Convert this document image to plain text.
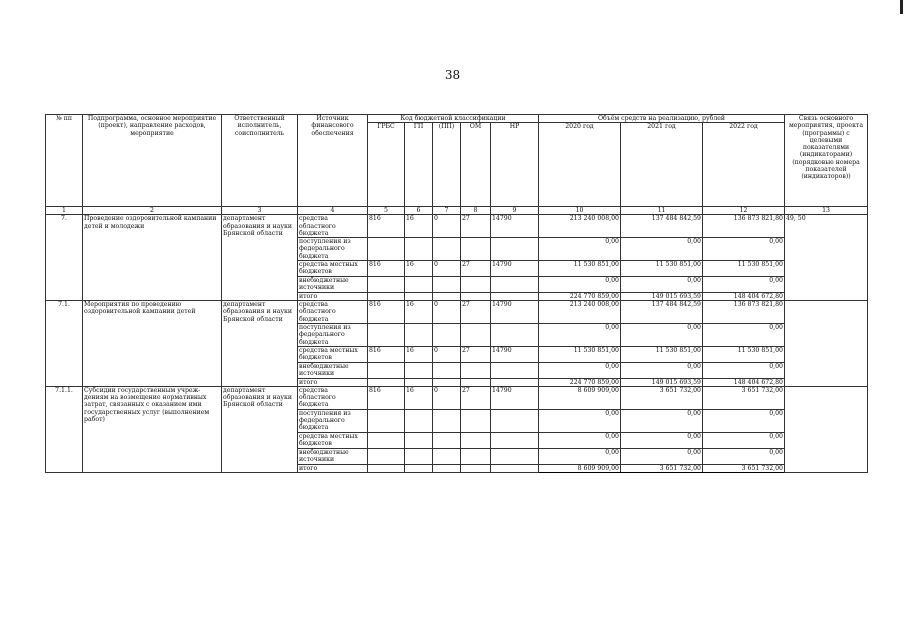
38
№ пп	Подпрограмма, основное мероприятие (проект), направление расходов, мероприятие	Ответственный исполнитель, соисполнитель	Источник финансового обеспечения	Код бюджетной классификации					Объём средств на реализацию, рублей			Связь основного мероприятия, проекта (программы) с целевыми показателями (индикаторами) (порядковые номера показателей (индикаторов))
				ГРБС	ГП	(ПП)	ОМ	НР	2020 год	2021 год	2022 год	
1	2	3	4	5	6	7	8	9	10	11	12	13
7.	Проведение оздоровительной кампании детей и молодежи	департамент образования и науки Брянской области	средства областного бюджета	816	16	0	27	14790	213 240 008,00	137 484 842,59	136 873 821,80	49, 50
			поступления из федерального бюджета						0,00	0,00	0,00	
			средства местных бюджетов	816	16	0	27	14790	11 530 851,00	11 530 851,00	11 530 851,00	
			внебюджетные источники						0,00	0,00	0,00	
			итого						224 770 859,00	149 015 693,59	148 404 672,80	
7.1.	Мероприятия по проведению оздоровительной кампании детей	департамент образования и науки Брянской области	средства областного бюджета	816	16	0	27	14790	213 240 008,00	137 484 842,59	136 873 821,80	
			поступления из федерального бюджета						0,00	0,00	0,00	
			средства местных бюджетов	816	16	0	27	14790	11 530 851,00	11 530 851,00	11 530 851,00	
			внебюджетные источники						0,00	0,00	0,00	
			итого						224 770 859,00	149 015 693,59	148 404 672,80	
7.1.1.	Субсидии государственным учреж-дениям на возмещение нормативных затрат, связанных с оказанием ими государственных услуг (выполнением работ)	департамент образования и науки Брянской области	средства областного бюджета	816	16	0	27	14790	8 609 909,00	3 651 732,00	3 651 732,00	
			поступления из федерального бюджета						0,00	0,00	0,00	
			средства местных бюджетов						0,00	0,00	0,00	
			внебюджетные источники						0,00	0,00	0,00	
			итого						8 609 909,00	3 651 732,00	3 651 732,00	
